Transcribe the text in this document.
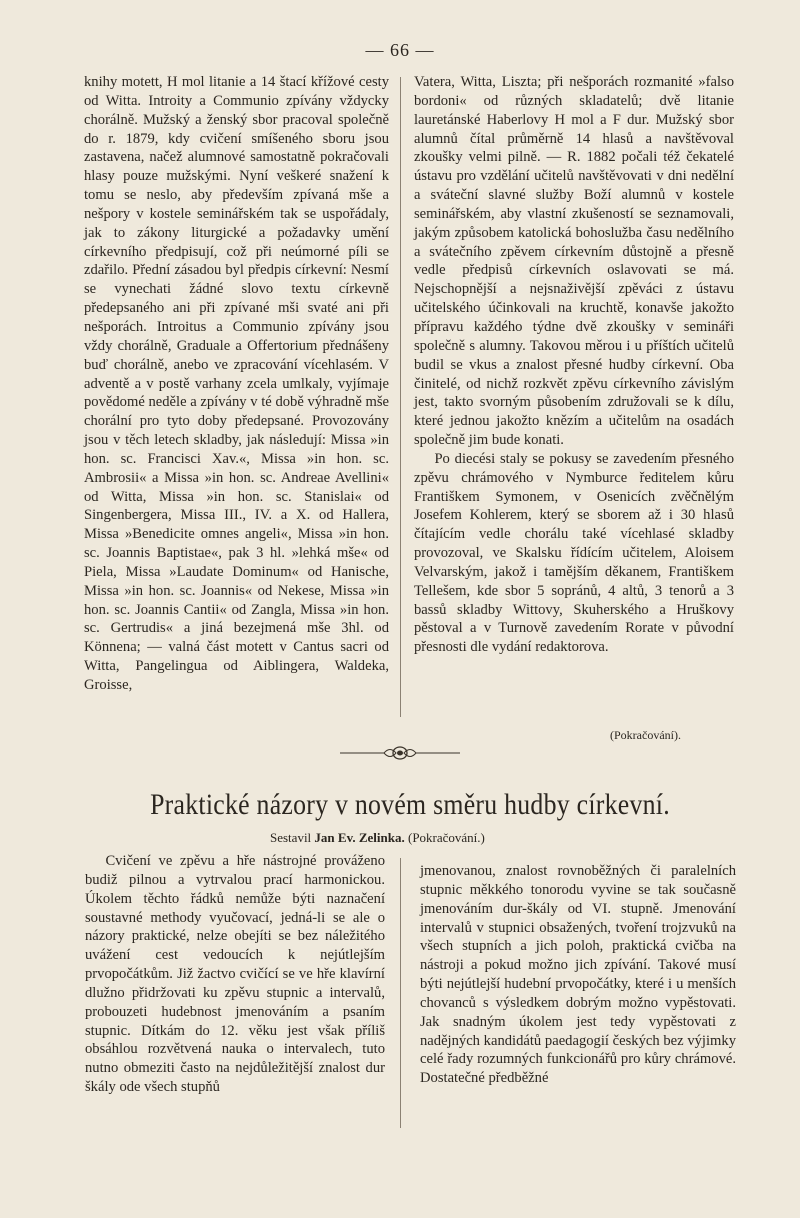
— 66 —

knihy motett, H mol litanie a 14 štací křížové cesty od Witta. Introity a Communio zpívány vždycky chorálně. Mužský a ženský sbor pracoval společně do r. 1879, kdy cvičení smíšeného sboru jsou zastavena, načež alumnové samostatně pokračovali hlasy pouze mužskými. Nyní veškeré snažení k tomu se neslo, aby především zpívaná mše a nešpory v kostele seminářském tak se uspořádaly, jak to zákony liturgické a požadavky umění církevního předpisují, což při neúmorné píli se zdařilo. Přední zásadou byl předpis církevní: Nesmí se vynechati žádné slovo textu církevně předepsaného ani při zpívané mši svaté ani při nešporách. Introitus a Communio zpívány jsou vždy chorálně, Graduale a Offertorium přednášeny buď chorálně, anebo ve zpracování vícehlasém. V adventě a v postě varhany zcela umlkaly, vyjímaje povědomé neděle a zpívány v té době výhradně mše chorální pro tyto doby předepsané. Provozovány jsou v těch letech skladby, jak následují: Missa »in hon. sc. Francisci Xav.«, Missa »in hon. sc. Ambrosii« a Missa »in hon. sc. Andreae Avellini« od Witta, Missa »in hon. sc. Stanislai« od Singenbergera, Missa III., IV. a X. od Hallera, Missa »Benedicite omnes angeli«, Missa »in hon. sc. Joannis Baptistae«, pak 3 hl. »lehká mše« od Piela, Missa »Laudate Dominum« od Hanische, Missa »in hon. sc. Joannis« od Nekese, Missa »in hon. sc. Joannis Cantii« od Zangla, Missa »in hon. sc. Gertrudis« a jiná bezejmená mše 3hl. od Könnena; — valná část motett v Cantus sacri od Witta, Pangelingua od Aiblingera, Waldeka, Groisse,

Vatera, Witta, Liszta; při nešporách rozmanité »falso bordoni« od různých skladatelů; dvě litanie lauretánské Haberlovy H mol a F dur. Mužský sbor alumnů čítal průměrně 14 hlasů a navštěvoval zkoušky velmi pilně. — R. 1882 počali též čekatelé ústavu pro vzdělání učitelů navštěvovati v dni nedělní a sváteční slavné služby Boží alumnů v kostele seminářském, aby vlastní zkušeností se seznamovali, jakým způsobem katolická bohoslužba času nedělního a svátečního zpěvem církevním důstojně a přesně vedle předpisů církevních oslavovati se má. Nejschopnější a nejsnaživější zpěváci z ústavu učitelského účinkovali na kruchtě, konavše jakožto přípravu každého týdne dvě zkoušky v semináři společně s alumny. Takovou měrou i u příštích učitelů budil se vkus a znalost přesné hudby církevní. Oba činitelé, od nichž rozkvět zpěvu církevního závislým jest, takto svorným působením združovali se k dílu, které jednou jakožto knězím a učitelům na osadách společně jim bude konati.

Po diecési staly se pokusy se zavedením přesného zpěvu chrámového v Nymburce ředitelem kůru Františkem Symonem, v Osenicích zvěčnělým Josefem Kohlerem, který se sborem až i 30 hlasů čítajícím vedle chorálu také vícehlasé skladby provozoval, ve Skalsku řídícím učitelem, Aloisem Velvarským, jakož i tamějším děkanem, Františkem Tellešem, kde sbor 5 sopránů, 4 altů, 3 tenorů a 3 bassů skladby Wittovy, Skuherského a Hruškovy pěstoval a v Turnově zavedením Rorate v původní přesnosti dle vydání redaktorova.

(Pokračování).
Praktické názory v novém směru hudby církevní.
Sestavil Jan Ev. Zelinka. (Pokračování.)

Cvičení ve zpěvu a hře nástrojné prováženo budiž pilnou a vytrvalou prací harmonickou. Úkolem těchto řádků nemůže býti naznačení soustavné methody vyučovací, jedná-li se ale o názory praktické, nelze obejíti se bez náležitého uvážení cest vedoucích k nejútlejším prvopočátkům. Již žactvo cvičící se ve hře klavírní dlužno přidržovati ku zpěvu stupnic a intervalů, probouzeti hudebnost jmenováním a psaním stupnic. Dítkám do 12. věku jest však příliš obsáhlou rozvětvená nauka o intervalech, tuto nutno obmeziti často na nejdůležitější znalost dur škály ode všech stupňů

jmenovanou, znalost rovnoběžných či paralelních stupnic měkkého tonorodu vyvine se tak současně jmenováním dur-škály od VI. stupně. Jmenování intervalů v stupnici obsažených, tvoření trojzvuků na všech stupních a jich poloh, praktická cvičba na nástroji a pokud možno jich zpívání. Takové musí býti nejútlejší hudební prvopočátky, které i u menších chovanců s výsledkem dobrým možno vypěstovati. Jak snadným úkolem jest tedy vypěstovati z nadějných kandidátů paedagogií českých bez výjimky celé řady rozumných funkcionářů pro kůry chrámové. Dostatečné předběžné
